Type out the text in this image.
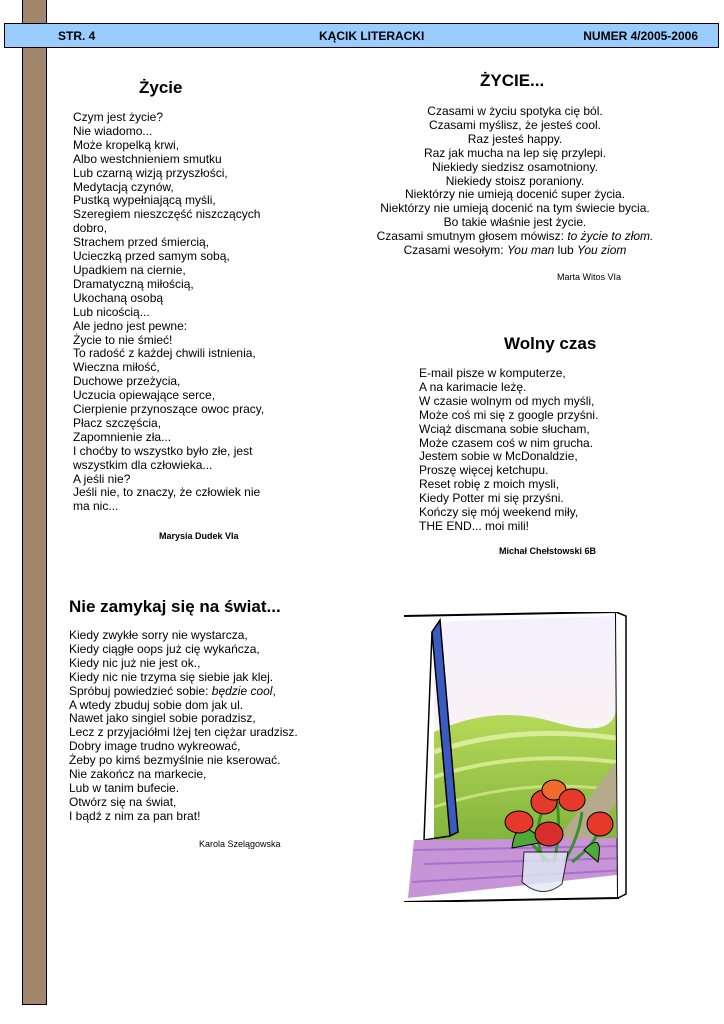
STR. 4	KĄCIK LITERACKI	NUMER 4/2005-2006
Życie
Czym jest życie?
Nie wiadomo...
Może kropelką krwi,
Albo westchnieniem smutku
Lub czarną wizją przyszłości,
Medytacją czynów,
Pustką wypełniającą myśli,
Szeregiem nieszczęść niszczących
dobro,
Strachem przed śmiercią,
Ucieczką przed samym sobą,
Upadkiem na ciernie,
Dramatyczną miłością,
Ukochaną osobą
Lub nicością...
Ale jedno jest pewne:
Życie to nie śmieć!
To radość z każdej chwili istnienia,
Wieczna miłość,
Duchowe przeżycia,
Uczucia opiewające serce,
Cierpienie przynoszące owoc pracy,
Płacz szczęścia,
Zapomnienie zła...
I choćby to wszystko było złe, jest
wszystkim dla człowieka...
A jeśli nie?
Jeśli nie, to znaczy, że człowiek nie
ma nic...
Marysia Dudek VIa
ŻYCIE...
Czasami w życiu spotyka cię ból.
Czasami myślisz, że jesteś cool.
Raz jesteś happy.
Raz jak mucha na lep się przylepi.
Niekiedy siedzisz osamotniony.
Niekiedy stoisz poraniony.
Niektórzy nie umieją docenić super życia.
Niektórzy nie umieją docenić na tym świecie bycia.
Bo takie właśnie jest życie.
Czasami smutnym głosem mówisz: to życie to złom.
Czasami wesołym: You man lub You ziom
Marta Witos VIa
Wolny czas
E-mail pisze w komputerze,
A na karimacie leżę.
W czasie wolnym od mych myśli,
Może coś mi się z google przyśni.
Wciąż discmana sobie słucham,
Może czasem coś w nim grucha.
Jestem sobie w McDonaldzie,
Proszę więcej ketchupu.
Reset robię z moich mysli,
Kiedy Potter mi się przyśni.
Kończy się mój weekend miły,
THE END... moi mili!
Michał Chełstowski 6B
Nie zamykaj się na świat...
Kiedy zwykłe sorry nie wystarcza,
Kiedy ciągłe oops już cię wykańcza,
Kiedy nic już nie jest ok.,
Kiedy nic nie trzyma się siebie jak klej.
Spróbuj powiedzieć sobie: będzie cool,
A wtedy zbuduj sobie dom jak ul.
Nawet jako singiel sobie poradzisz,
Lecz z przyjaciółmi lżej ten ciężar uradzisz.
Dobry image trudno wykreować,
Żeby po kimś bezmyślnie nie kserować.
Nie zakończ na markecie,
Lub w tanim bufecie.
Otwórz się na świat,
I bądź z nim za pan brat!
Karola Szelągowska
